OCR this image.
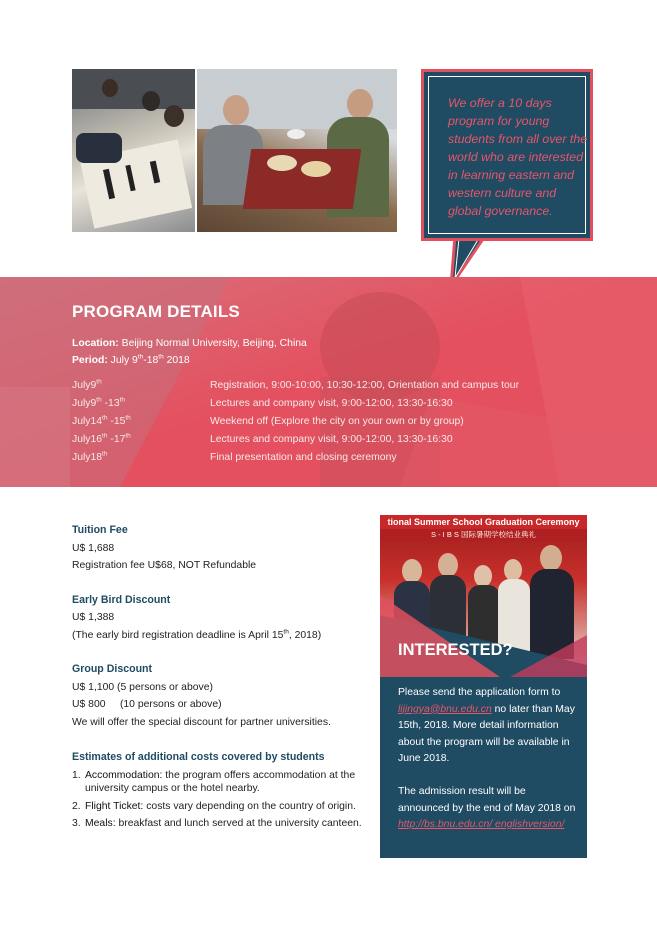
We offer a 10 days program for young students from all over the world who are interested in learning eastern and western culture and global governance.
PROGRAM DETAILS
Location: Beijing Normal University, Beijing, China
Period: July 9th-18th 2018
July9th	Registration, 9:00-10:00, 10:30-12:00, Orientation and campus tour
July9th -13th	Lectures and company visit, 9:00-12:00, 13:30-16:30
July14th -15th	Weekend off (Explore the city on your own or by group)
July16th -17th	Lectures and company visit, 9:00-12:00, 13:30-16:30
July18th	Final presentation and closing ceremony
Tuition Fee
U$ 1,688
Registration fee U$68, NOT Refundable
Early Bird Discount
U$ 1,388
(The early bird registration deadline is April 15th, 2018)
Group Discount
U$ 1,100 (5 persons or above)
U$ 800     (10 persons or above)
We will offer the special discount for partner universities.
Estimates of additional costs covered by students
1. Accommodation: the program offers accommodation at the university campus or the hotel nearby.
2. Flight Ticket: costs vary depending on the country of origin.
3. Meals: breakfast and lunch served at the university canteen.
tional Summer School Graduation Ceremony
S - I B S 国际暑期学校结业典礼
INTERESTED?
Please send the application form to lijingya@bnu.edu.cn no later than May 15th, 2018. More detail information about the program will be available in June 2018.
The admission result will be announced by the end of May 2018 on http://bs.bnu.edu.cn/ englishversion/
